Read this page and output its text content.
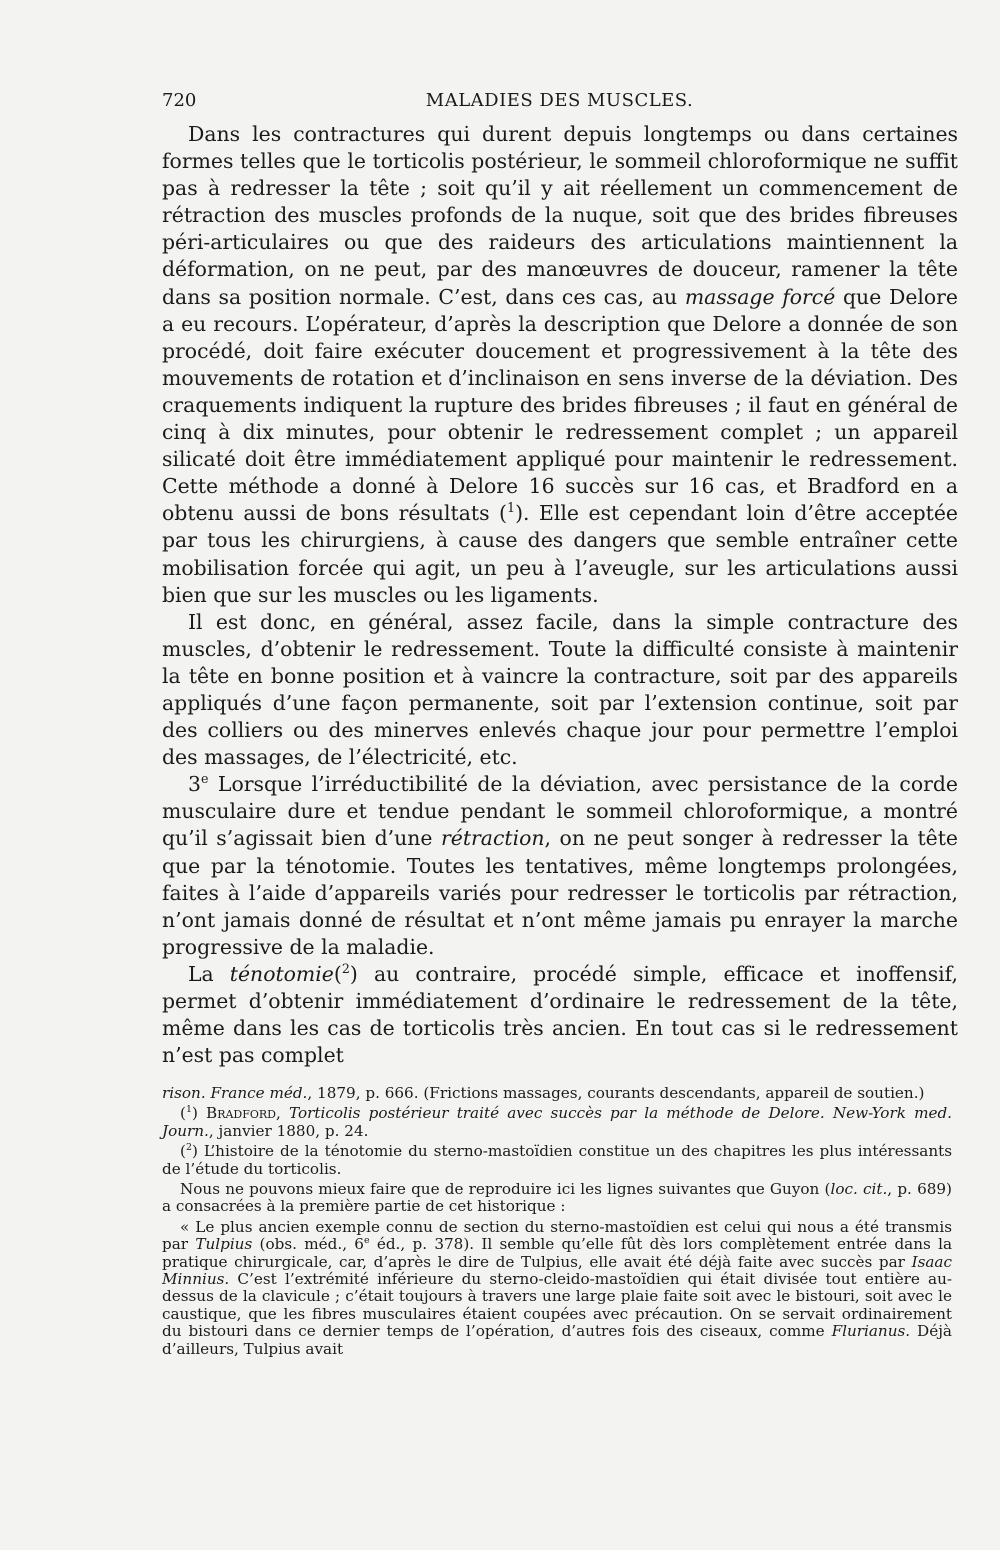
720	MALADIES DES MUSCLES.

Dans les contractures qui durent depuis longtemps ou dans certaines formes telles que le torticolis postérieur, le sommeil chloroformique ne suffit pas à redresser la tête ; soit qu’il y ait réellement un commencement de rétraction des muscles profonds de la nuque, soit que des brides fibreuses péri-articulaires ou que des raideurs des articulations maintiennent la déformation, on ne peut, par des manœuvres de douceur, ramener la tête dans sa position normale. C’est, dans ces cas, au massage forcé que Delore a eu recours. L’opérateur, d’après la description que Delore a donnée de son procédé, doit faire exécuter doucement et progressivement à la tête des mouvements de rotation et d’inclinaison en sens inverse de la déviation. Des craquements indiquent la rupture des brides fibreuses ; il faut en général de cinq à dix minutes, pour obtenir le redressement complet ; un appareil silicaté doit être immédiatement appliqué pour maintenir le redressement. Cette méthode a donné à Delore 16 succès sur 16 cas, et Bradford en a obtenu aussi de bons résultats ($^1$). Elle est cependant loin d’être acceptée par tous les chirurgiens, à cause des dangers que semble entraîner cette mobilisation forcée qui agit, un peu à l’aveugle, sur les articulations aussi bien que sur les muscles ou les ligaments.

Il est donc, en général, assez facile, dans la simple contracture des muscles, d’obtenir le redressement. Toute la difficulté consiste à maintenir la tête en bonne position et à vaincre la contracture, soit par des appareils appliqués d’une façon permanente, soit par l’extension continue, soit par des colliers ou des minerves enlevés chaque jour pour permettre l’emploi des massages, de l’électricité, etc.

3e Lorsque l’irréductibilité de la déviation, avec persistance de la corde musculaire dure et tendue pendant le sommeil chloroformique, a montré qu’il s’agissait bien d’une rétraction, on ne peut songer à redresser la tête que par la ténotomie. Toutes les tentatives, même longtemps prolongées, faites à l’aide d’appareils variés pour redresser le torticolis par rétraction, n’ont jamais donné de résultat et n’ont même jamais pu enrayer la marche progressive de la maladie.

La ténotomie($^2$) au contraire, procédé simple, efficace et inoffensif, permet d’obtenir immédiatement d’ordinaire le redressement de la tête, même dans les cas de torticolis très ancien. En tout cas si le redressement n’est pas complet

rison. France méd., 1879, p. 666. (Frictions massages, courants descendants, appareil de soutien.)

($^1$) Bradford, Torticolis postérieur traité avec succès par la méthode de Delore. New-York med. Journ., janvier 1880, p. 24.

($^2$) L’histoire de la ténotomie du sterno-mastoïdien constitue un des chapitres les plus intéressants de l’étude du torticolis.

Nous ne pouvons mieux faire que de reproduire ici les lignes suivantes que Guyon (loc. cit., p. 689) a consacrées à la première partie de cet historique :

« Le plus ancien exemple connu de section du sterno-mastoïdien est celui qui nous a été transmis par Tulpius (obs. méd., 6e éd., p. 378). Il semble qu’elle fût dès lors complètement entrée dans la pratique chirurgicale, car, d’après le dire de Tulpius, elle avait été déjà faite avec succès par Isaac Minnius. C’est l’extrémité inférieure du sterno-cleido-mastoïdien qui était divisée tout entière au-dessus de la clavicule ; c’était toujours à travers une large plaie faite soit avec le bistouri, soit avec le caustique, que les fibres musculaires étaient coupées avec précaution. On se servait ordinairement du bistouri dans ce dernier temps de l’opération, d’autres fois des ciseaux, comme Flurianus. Déjà d’ailleurs, Tulpius avait
